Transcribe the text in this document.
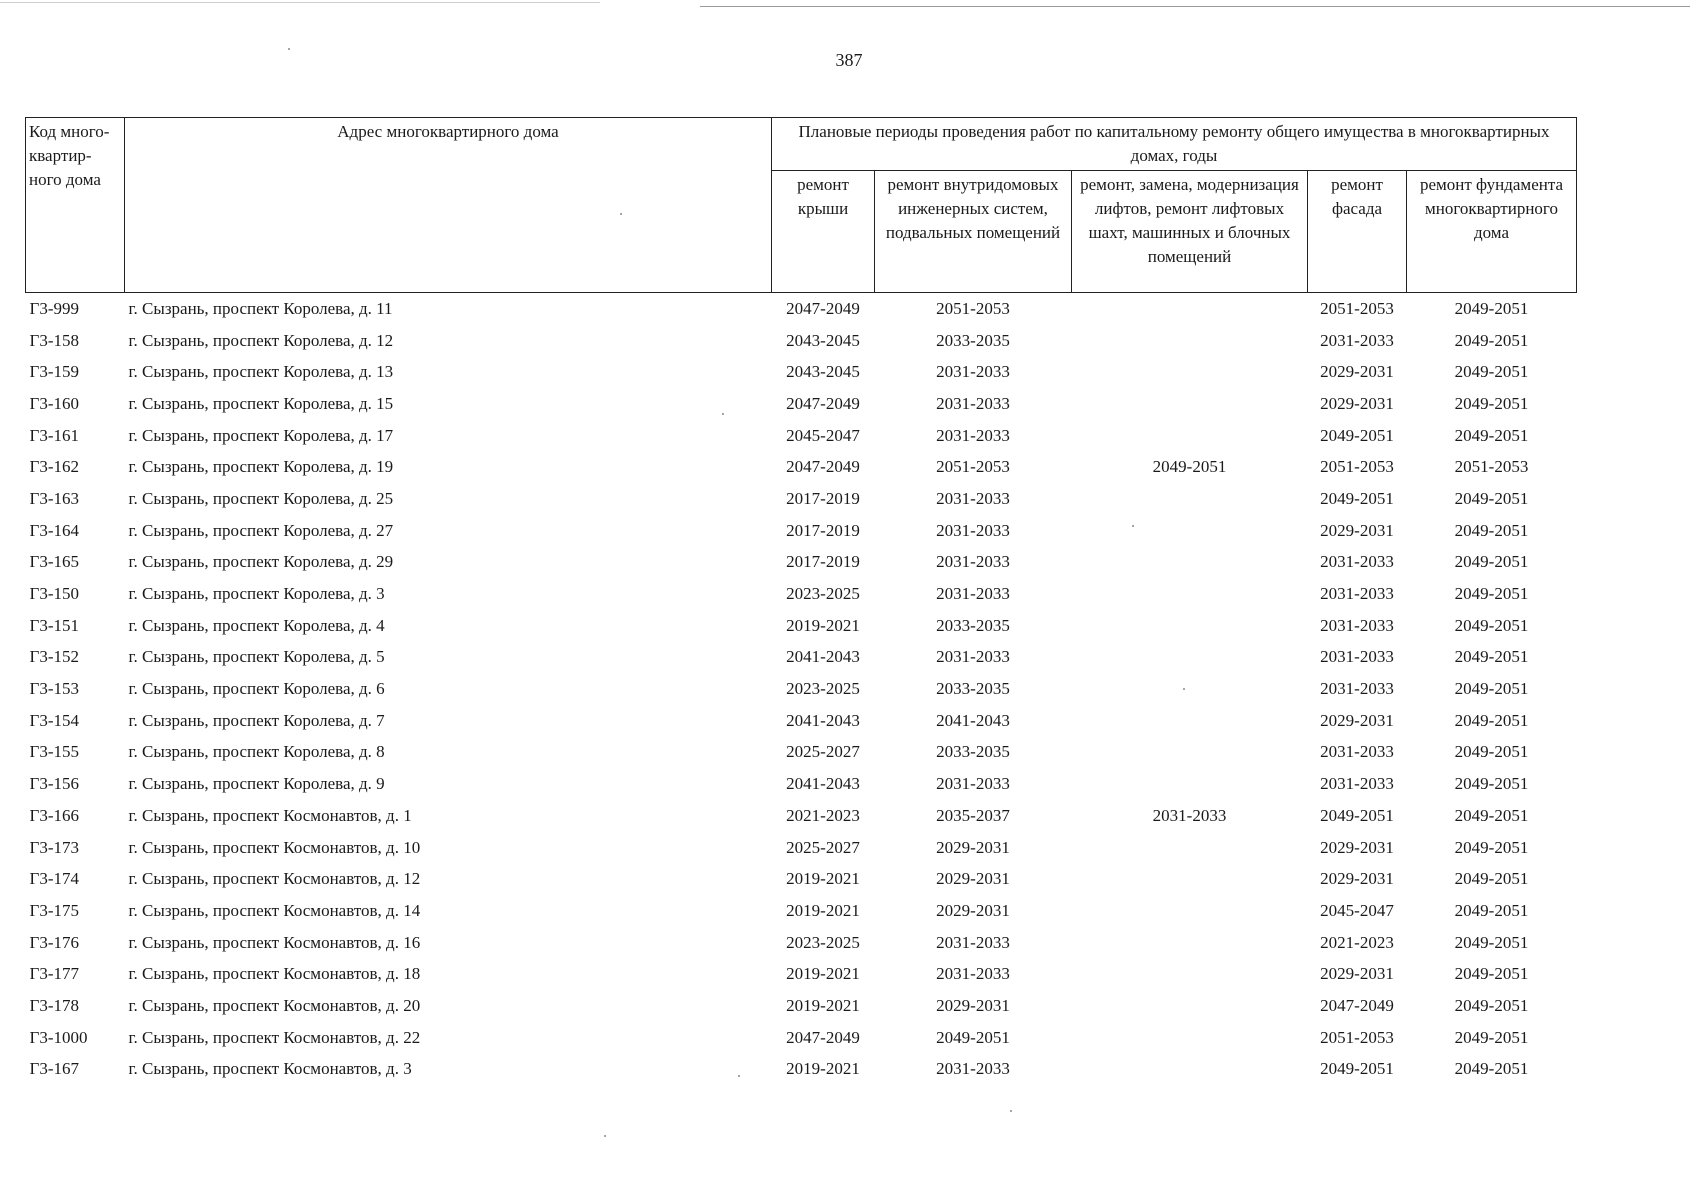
387
Код много-квартир-ного дома	Адрес многоквартирного дома	Плановые периоды проведения работ по капитальному ремонту общего имущества в многоквартирных домах, годы				
		ремонт крыши	ремонт внутридомовых инженерных систем, подвальных помещений	ремонт, замена, модернизация лифтов, ремонт лифтовых шахт, машинных и блочных помещений	ремонт фасада	ремонт фундамента многоквартирного дома
Г3-999	г. Сызрань, проспект Королева, д. 11	2047-2049	2051-2053		2051-2053	2049-2051
Г3-158	г. Сызрань, проспект Королева, д. 12	2043-2045	2033-2035		2031-2033	2049-2051
Г3-159	г. Сызрань, проспект Королева, д. 13	2043-2045	2031-2033		2029-2031	2049-2051
Г3-160	г. Сызрань, проспект Королева, д. 15	2047-2049	2031-2033		2029-2031	2049-2051
Г3-161	г. Сызрань, проспект Королева, д. 17	2045-2047	2031-2033		2049-2051	2049-2051
Г3-162	г. Сызрань, проспект Королева, д. 19	2047-2049	2051-2053	2049-2051	2051-2053	2051-2053
Г3-163	г. Сызрань, проспект Королева, д. 25	2017-2019	2031-2033		2049-2051	2049-2051
Г3-164	г. Сызрань, проспект Королева, д. 27	2017-2019	2031-2033		2029-2031	2049-2051
Г3-165	г. Сызрань, проспект Королева, д. 29	2017-2019	2031-2033		2031-2033	2049-2051
Г3-150	г. Сызрань, проспект Королева, д. 3	2023-2025	2031-2033		2031-2033	2049-2051
Г3-151	г. Сызрань, проспект Королева, д. 4	2019-2021	2033-2035		2031-2033	2049-2051
Г3-152	г. Сызрань, проспект Королева, д. 5	2041-2043	2031-2033		2031-2033	2049-2051
Г3-153	г. Сызрань, проспект Королева, д. 6	2023-2025	2033-2035		2031-2033	2049-2051
Г3-154	г. Сызрань, проспект Королева, д. 7	2041-2043	2041-2043		2029-2031	2049-2051
Г3-155	г. Сызрань, проспект Королева, д. 8	2025-2027	2033-2035		2031-2033	2049-2051
Г3-156	г. Сызрань, проспект Королева, д. 9	2041-2043	2031-2033		2031-2033	2049-2051
Г3-166	г. Сызрань, проспект Космонавтов, д. 1	2021-2023	2035-2037	2031-2033	2049-2051	2049-2051
Г3-173	г. Сызрань, проспект Космонавтов, д. 10	2025-2027	2029-2031		2029-2031	2049-2051
Г3-174	г. Сызрань, проспект Космонавтов, д. 12	2019-2021	2029-2031		2029-2031	2049-2051
Г3-175	г. Сызрань, проспект Космонавтов, д. 14	2019-2021	2029-2031		2045-2047	2049-2051
Г3-176	г. Сызрань, проспект Космонавтов, д. 16	2023-2025	2031-2033		2021-2023	2049-2051
Г3-177	г. Сызрань, проспект Космонавтов, д. 18	2019-2021	2031-2033		2029-2031	2049-2051
Г3-178	г. Сызрань, проспект Космонавтов, д. 20	2019-2021	2029-2031		2047-2049	2049-2051
Г3-1000	г. Сызрань, проспект Космонавтов, д. 22	2047-2049	2049-2051		2051-2053	2049-2051
Г3-167	г. Сызрань, проспект Космонавтов, д. 3	2019-2021	2031-2033		2049-2051	2049-2051
